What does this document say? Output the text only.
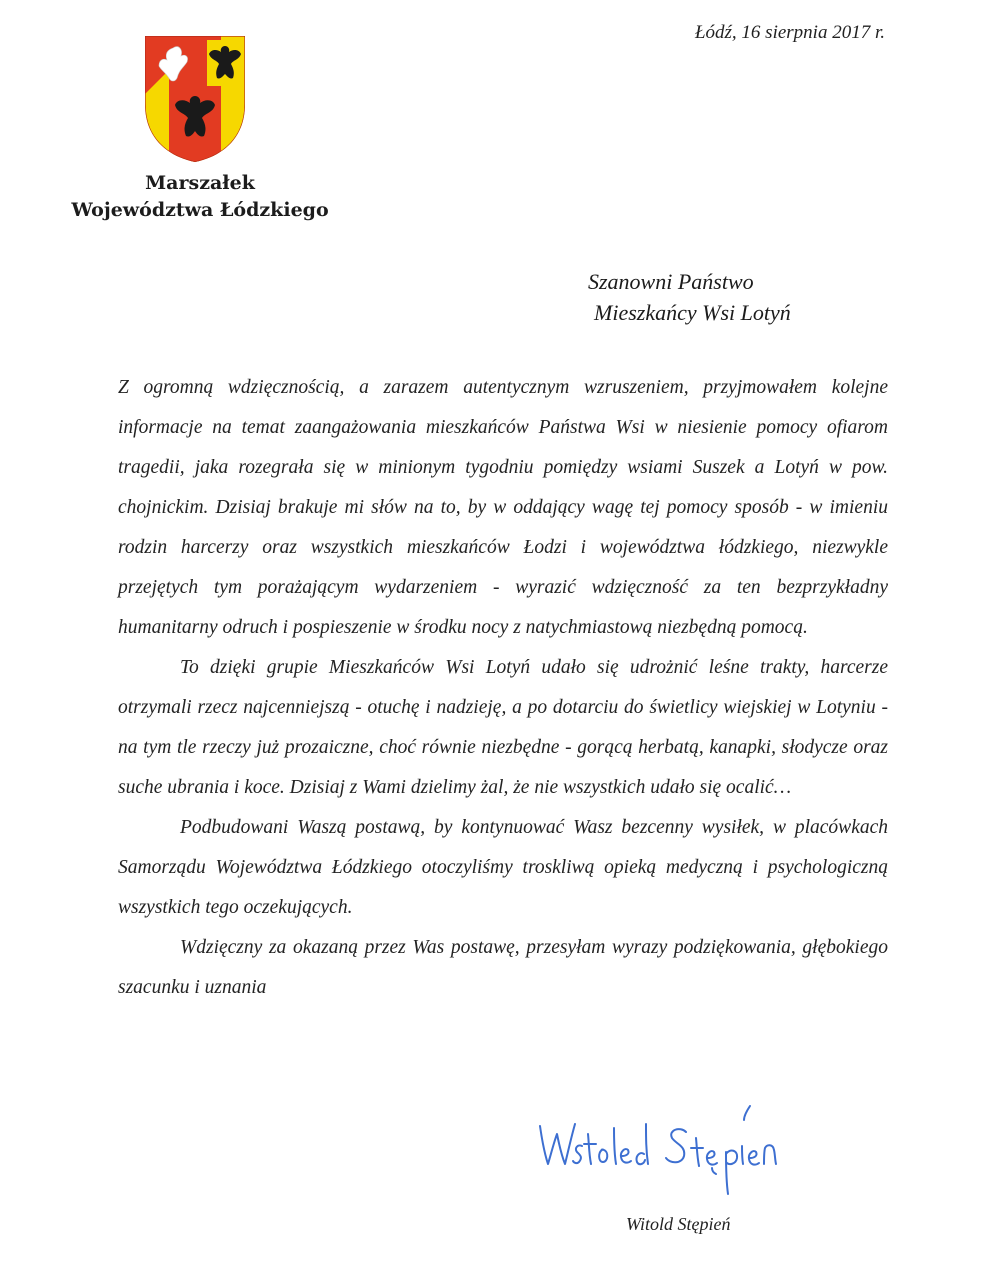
Marszałek
Województwa Łódzkiego
Łódź, 16 sierpnia 2017 r.
Szanowni Państwo
Mieszkańcy Wsi Lotyń

Z ogromną wdzięcznością, a zarazem autentycznym wzruszeniem, przyjmowałem kolejne informacje na temat zaangażowania mieszkańców Państwa Wsi w niesienie pomocy ofiarom tragedii, jaka rozegrała się w minionym tygodniu pomiędzy wsiami Suszek a Lotyń w pow. chojnickim. Dzisiaj brakuje mi słów na to, by w oddający wagę tej pomocy sposób - w imieniu rodzin harcerzy oraz wszystkich mieszkańców Łodzi i województwa łódzkiego, niezwykle przejętych tym porażającym wydarzeniem - wyrazić wdzięczność za ten bezprzykładny humanitarny odruch i pospieszenie w środku nocy z natychmiastową niezbędną pomocą.

To dzięki grupie Mieszkańców Wsi Lotyń udało się udrożnić leśne trakty, harcerze otrzymali rzecz najcenniejszą - otuchę i nadzieję, a po dotarciu do świetlicy wiejskiej w Lotyniu - na tym tle rzeczy już prozaiczne, choć równie niezbędne - gorącą herbatą, kanapki, słodycze oraz suche ubrania i koce. Dzisiaj z Wami dzielimy żal, że nie wszystkich udało się ocalić…

Podbudowani Waszą postawą, by kontynuować Wasz bezcenny wysiłek, w placówkach Samorządu Województwa Łódzkiego otoczyliśmy troskliwą opieką medyczną i psychologiczną wszystkich tego oczekujących.

Wdzięczny za okazaną przez Was postawę, przesyłam wyrazy podziękowania, głębokiego szacunku i uznania

Witold Stępień
